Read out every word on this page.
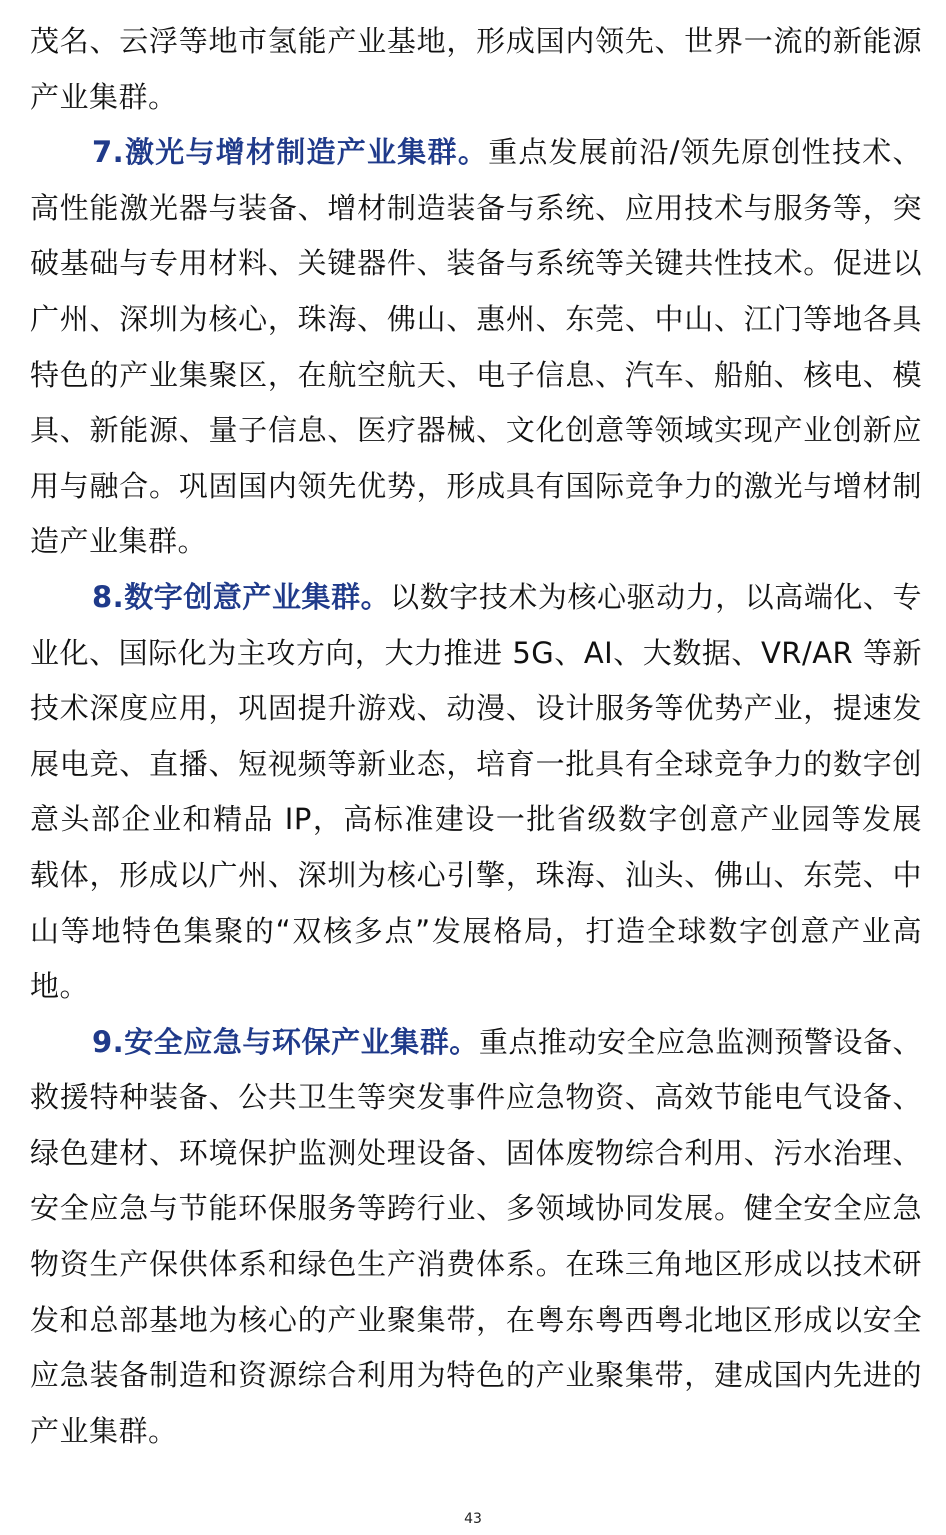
茂名、云浮等地市氢能产业基地，形成国内领先、世界一流的新能源产业集群。

7.激光与增材制造产业集群。重点发展前沿/领先原创性技术、高性能激光器与装备、增材制造装备与系统、应用技术与服务等，突破基础与专用材料、关键器件、装备与系统等关键共性技术。促进以广州、深圳为核心，珠海、佛山、惠州、东莞、中山、江门等地各具特色的产业集聚区，在航空航天、电子信息、汽车、船舶、核电、模具、新能源、量子信息、医疗器械、文化创意等领域实现产业创新应用与融合。巩固国内领先优势，形成具有国际竞争力的激光与增材制造产业集群。

8.数字创意产业集群。以数字技术为核心驱动力，以高端化、专业化、国际化为主攻方向，大力推进 5G、AI、大数据、VR/AR 等新技术深度应用，巩固提升游戏、动漫、设计服务等优势产业，提速发展电竞、直播、短视频等新业态，培育一批具有全球竞争力的数字创意头部企业和精品 IP，高标准建设一批省级数字创意产业园等发展载体，形成以广州、深圳为核心引擎，珠海、汕头、佛山、东莞、中山等地特色集聚的“双核多点”发展格局，打造全球数字创意产业高地。

9.安全应急与环保产业集群。重点推动安全应急监测预警设备、救援特种装备、公共卫生等突发事件应急物资、高效节能电气设备、绿色建材、环境保护监测处理设备、固体废物综合利用、污水治理、安全应急与节能环保服务等跨行业、多领域协同发展。健全安全应急物资生产保供体系和绿色生产消费体系。在珠三角地区形成以技术研发和总部基地为核心的产业聚集带，在粤东粤西粤北地区形成以安全应急装备制造和资源综合利用为特色的产业聚集带，建成国内先进的产业集群。

43
